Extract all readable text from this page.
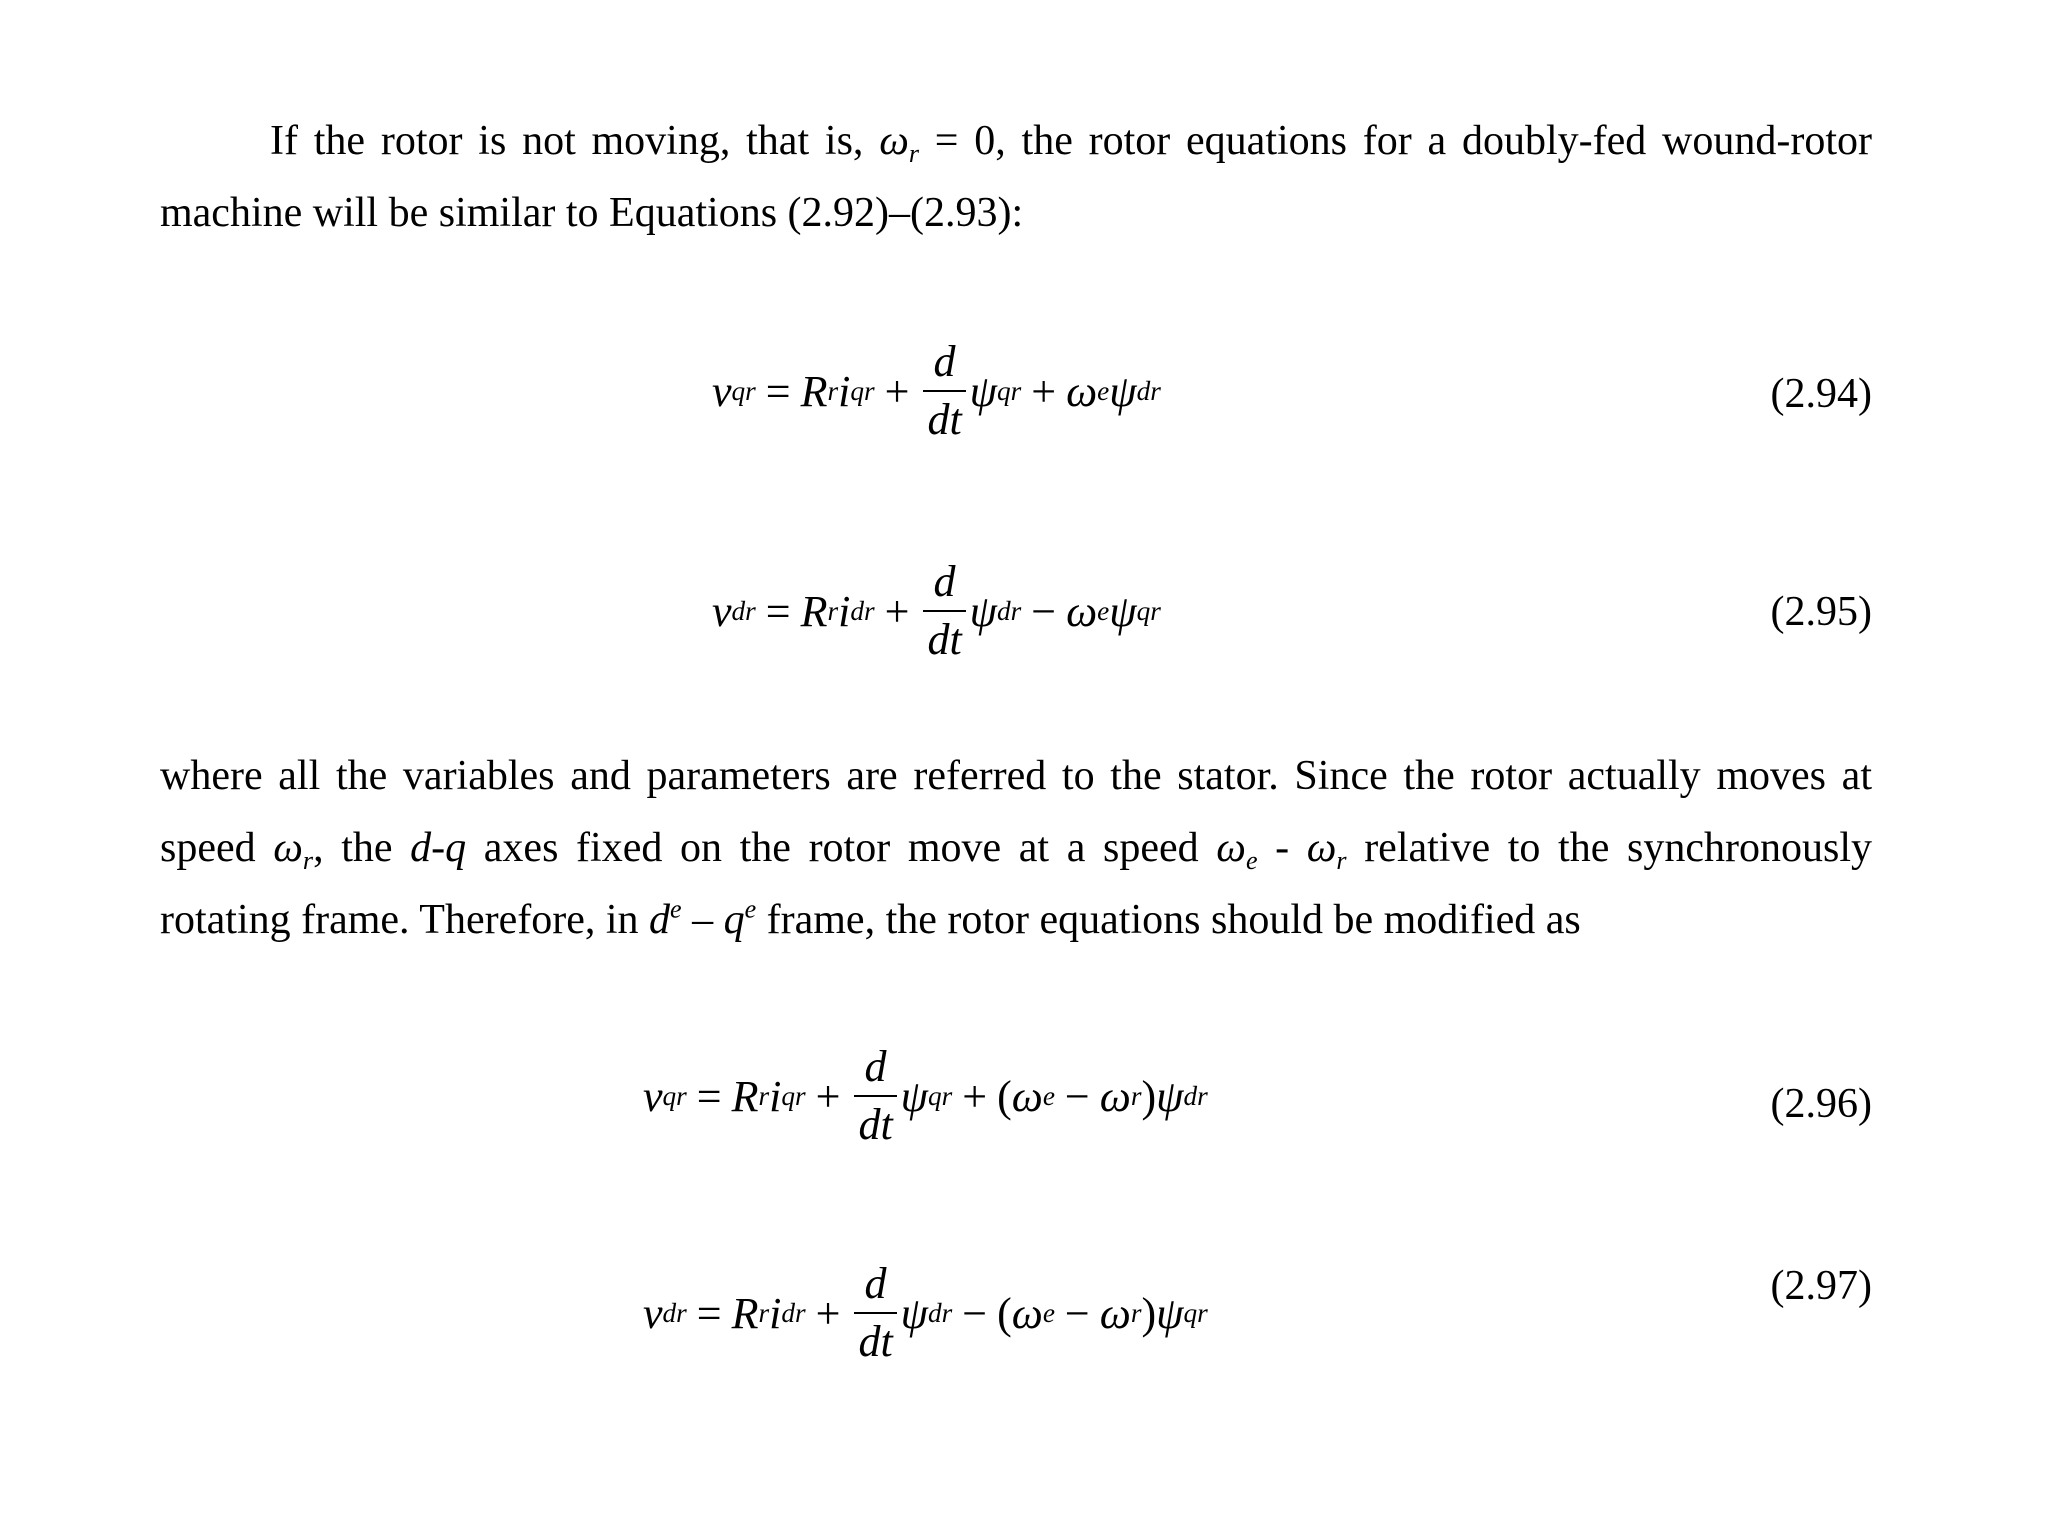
If the rotor is not moving, that is, $\omega_r = 0$, the rotor equations for a doubly-fed wound-rotor machine will be similar to Equations (2.92)–(2.93):

v qr = R r i qr + $\frac{d}{dt}$ ψ qr + ω e ψ dr	(2.94)
v dr = R r i dr + $\frac{d}{dt}$ ψ dr − ω e ψ qr	(2.95)

where all the variables and parameters are referred to the stator. Since the rotor actually moves at speed $\omega_r$, the d-q axes fixed on the rotor move at a speed $\omega_e - \omega_r$ relative to the synchronously rotating frame. Therefore, in $d^e - q^e$ frame, the rotor equations should be modified as

v qr = R r i qr + $\frac{d}{dt}$ ψ qr + ( ω e − ω r ) ψ dr	(2.96)
v dr = R r i dr + $\frac{d}{dt}$ ψ dr − ( ω e − ω r ) ψ qr
(2.97)
